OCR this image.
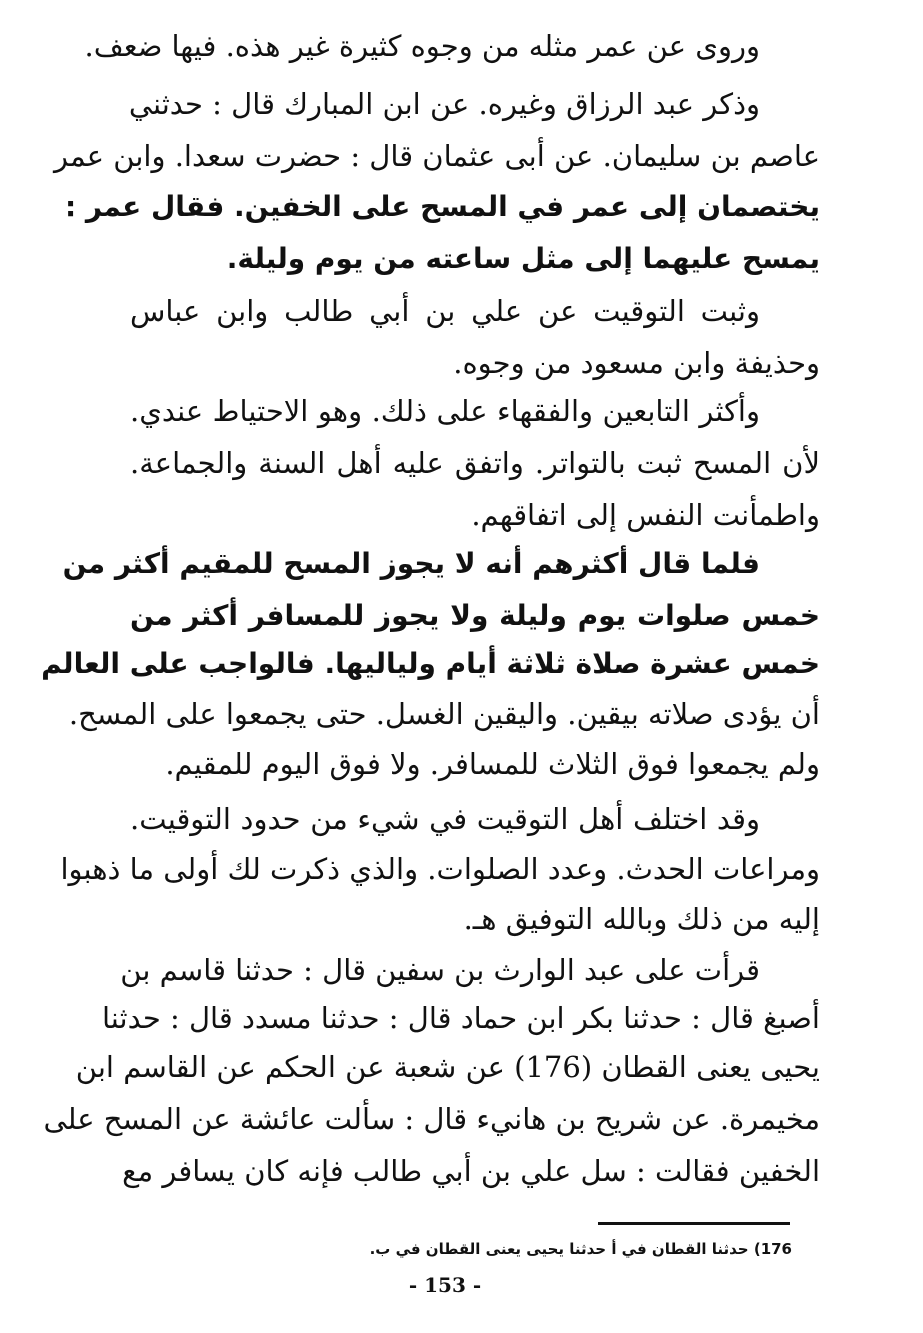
وروى عن عمر مثله من وجوه كثيرة غير هذه. فيها ضعف.
وذكر عبد الرزاق وغيره. عن ابن المبارك قال : حدثني
عاصم بن سليمان. عن أبى عثمان قال : حضرت سعدا. وابن عمر
يختصمان إلى عمر في المسح على الخفين. فقال عمر :
يمسح عليهما إلى مثل ساعته من يوم وليلة.
وثبت التوقيت عن علي بن أبي طالب وابن عباس
وحذيفة وابن مسعود من وجوه.
وأكثر التابعين والفقهاء على ذلك. وهو الاحتياط عندي.
لأن المسح ثبت بالتواتر. واتفق عليه أهل السنة والجماعة.
واطمأنت النفس إلى اتفاقهم.
فلما قال أكثرهم أنه لا يجوز المسح للمقيم أكثر من
خمس صلوات يوم وليلة ولا يجوز للمسافر أكثر من
خمس عشرة صلاة ثلاثة أيام ولياليها. فالواجب على العالم
أن يؤدى صلاته بيقين. واليقين الغسل. حتى يجمعوا على المسح.
ولم يجمعوا فوق الثلاث للمسافر. ولا فوق اليوم للمقيم.
وقد اختلف أهل التوقيت في شيء من حدود التوقيت.
ومراعات الحدث. وعدد الصلوات. والذي ذكرت لك أولى ما ذهبوا
إليه من ذلك وبالله التوفيق هـ.
قرأت على عبد الوارث بن سفين قال : حدثنا قاسم بن
أصبغ قال : حدثنا بكر ابن حماد قال : حدثنا مسدد قال : حدثنا
يحيى يعنى القطان (176) عن شعبة عن الحكم عن القاسم ابن
مخيمرة. عن شريح بن هانيء قال : سألت عائشة عن المسح على
الخفين فقالت : سل علي بن أبي طالب فإنه كان يسافر مع
176) حدثنا القطان في أ حدثنا يحيى يعنى القطان في ب.
- 153 -
